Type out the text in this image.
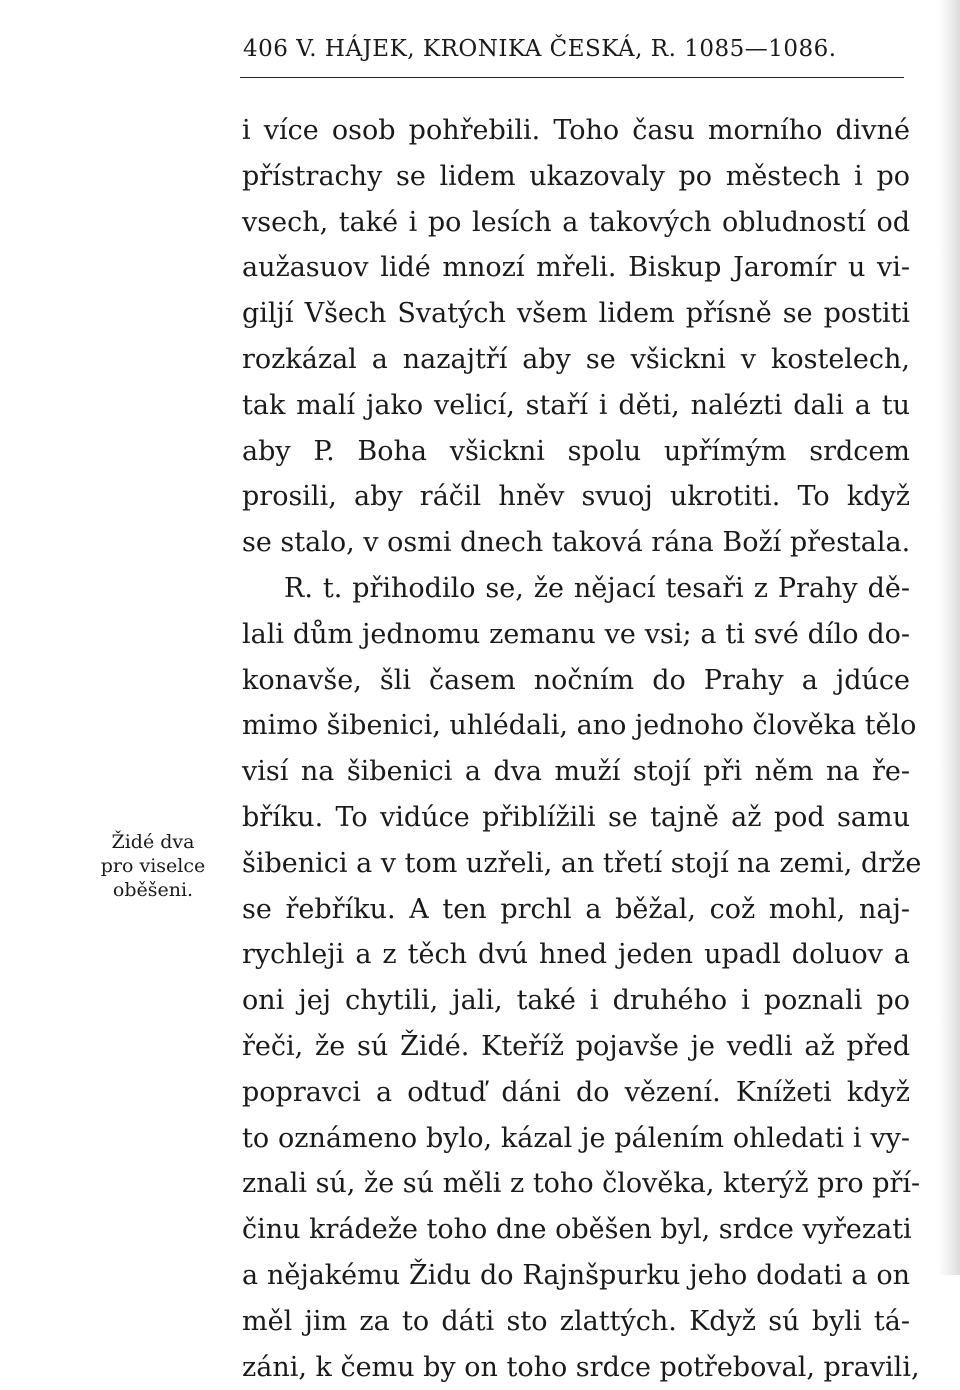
406 V. HÁJEK, KRONIKA ČESKÁ, R. 1085—1086.
Židé dva
pro viselce
oběšeni.
i více osob pohřebili. Toho času morního divné
přístrachy se lidem ukazovaly po městech i po
vsech, také i po lesích a takových obludností od
aužasuov lidé mnozí mřeli. Biskup Jaromír u vi-
giljí Všech Svatých všem lidem přísně se postiti
rozkázal a nazajtří aby se všickni v kostelech,
tak malí jako velicí, staří i děti, nalézti dali a tu
aby P. Boha všickni spolu upřímým srdcem
prosili, aby ráčil hněv svuoj ukrotiti. To když
se stalo, v osmi dnech taková rána Boží přestala.
R. t. přihodilo se, že nějací tesaři z Prahy dě-
lali dům jednomu zemanu ve vsi; a ti své dílo do-
konavše, šli časem nočním do Prahy a jdúce
mimo šibenici, uhlédali, ano jednoho člověka tělo
visí na šibenici a dva muží stojí při něm na ře-
bříku. To vidúce přiblížili se tajně až pod samu
šibenici a v tom uzřeli, an třetí stojí na zemi, drže
se řebříku. A ten prchl a běžal, což mohl, naj-
rychleji a z těch dvú hned jeden upadl doluov a
oni jej chytili, jali, také i druhého i poznali po
řeči, že sú Židé. Kteříž pojavše je vedli až před
popravci a odtuď dáni do vězení. Knížeti když
to oznámeno bylo, kázal je pálením ohledati i vy-
znali sú, že sú měli z toho člověka, kterýž pro pří-
činu krádeže toho dne oběšen byl, srdce vyřezati
a nějakému Židu do Rajnšpurku jeho dodati a on
měl jim za to dáti sto zlattých. Když sú byli tá-
záni, k čemu by on toho srdce potřeboval, pravili,
